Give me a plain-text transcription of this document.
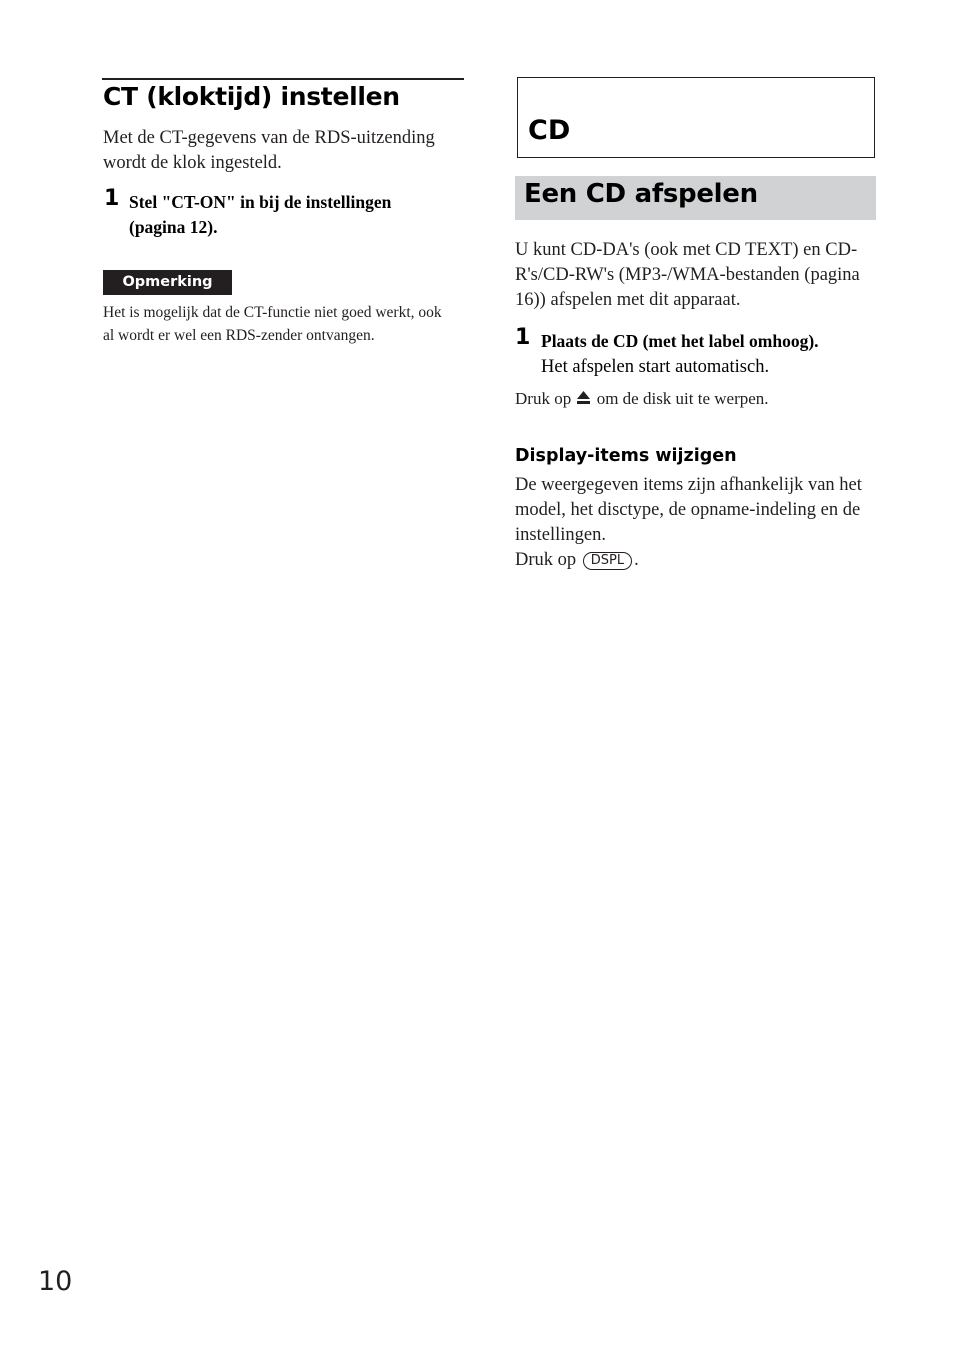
CT (kloktijd) instellen
Met de CT-gegevens van de RDS-uitzending wordt de klok ingesteld.
1 Stel "CT-ON" in bij de instellingen (pagina 12).
Opmerking
Het is mogelijk dat de CT-functie niet goed werkt, ook al wordt er wel een RDS-zender ontvangen.
CD
Een CD afspelen
U kunt CD-DA's (ook met CD TEXT) en CD-R's/CD-RW's (MP3-/WMA-bestanden (pagina 16)) afspelen met dit apparaat.
1 Plaats de CD (met het label omhoog).
Het afspelen start automatisch.
Druk op om de disk uit te werpen.
Display-items wijzigen
De weergegeven items zijn afhankelijk van het model, het disctype, de opname-indeling en de instellingen.
Druk op DSPL .
10
